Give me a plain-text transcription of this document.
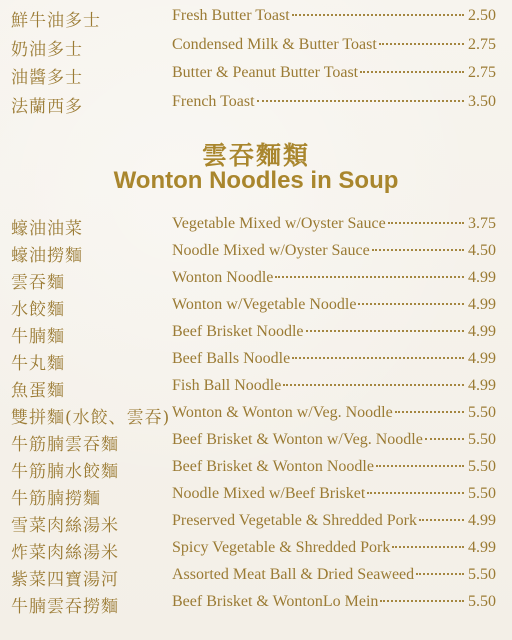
鮮牛油多士	Fresh Butter Toast	2.50
奶油多士	Condensed Milk & Butter Toast	2.75
油醬多士	Butter & Peanut Butter Toast	2.75
法蘭西多	French Toast	3.50
雲吞麵類
Wonton Noodles in Soup
蠔油油菜	Vegetable Mixed w/Oyster Sauce	3.75
蠔油撈麵	Noodle Mixed w/Oyster Sauce	4.50
雲吞麵	Wonton Noodle	4.99
水餃麵	Wonton w/Vegetable Noodle	4.99
牛腩麵	Beef Brisket Noodle	4.99
牛丸麵	Beef Balls Noodle	4.99
魚蛋麵	Fish Ball Noodle	4.99
雙拼麵(水餃、雲吞) Wonton & Wonton w/Veg. Noodle	5.50
牛筋腩雲吞麵	Beef Brisket & Wonton w/Veg. Noodle	5.50
牛筋腩水餃麵	Beef Brisket & Wonton Noodle	5.50
牛筋腩撈麵	Noodle Mixed w/Beef Brisket	5.50
雪菜肉絲湯米	Preserved Vegetable & Shredded Pork	4.99
炸菜肉絲湯米	Spicy Vegetable & Shredded Pork	4.99
紫菜四寶湯河	Assorted Meat Ball & Dried Seaweed	5.50
牛腩雲吞撈麵	Beef Brisket & WontonLo Mein	5.50
